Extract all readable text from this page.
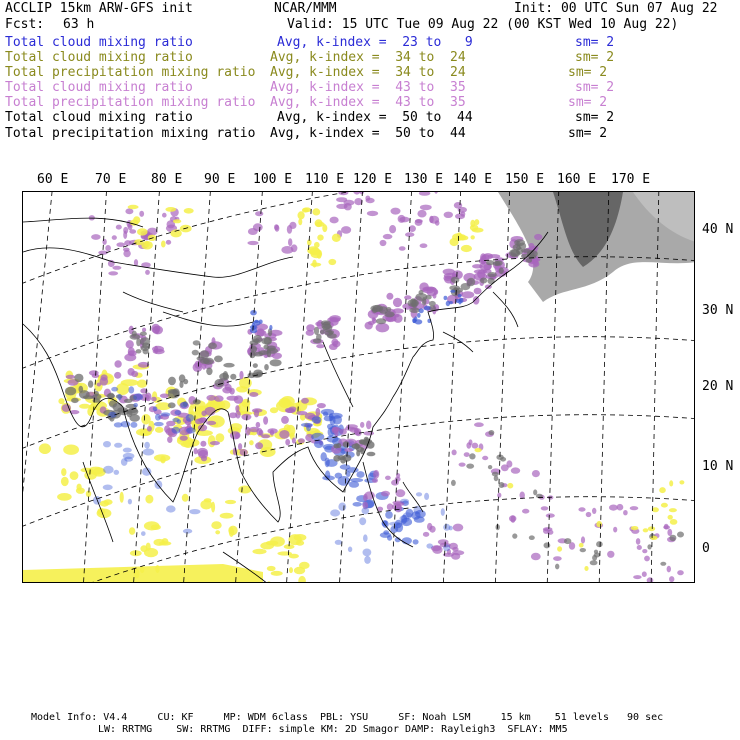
ACCLIP 15km ARW-GFS init	NCAR/MMM	Init: 00 UTC Sun 07 Aug 22
Fcst: 63 h	Valid: 15 UTC Tue 09 Aug 22 (00 KST Wed 10 Aug 22)
Total cloud mixing ratio	Avg, k-index =  23 to   9	sm= 2
Total cloud mixing ratio	Avg, k-index =  34 to  24	sm= 2
Total precipitation mixing ratio Avg, k-index =  34 to  24	sm= 2
Total cloud mixing ratio	Avg, k-index =  43 to  35	sm= 2
Total precipitation mixing ratio Avg, k-index =  43 to  35	sm= 2
Total cloud mixing ratio	Avg, k-index =  50 to  44	sm= 2
Total precipitation mixing ratio Avg, k-index =  50 to  44	sm= 2
60 E 70 E 80 E 90 E 100 E 110 E 120 E 130 E 140 E 150 E 160 E 170 E
40 N
30 N
20 N
10 N
0
Model Info: V4.4     CU: KF     MP: WDM 6class  PBL: YSU     SF: Noah LSM     15 km    51 levels   90 sec
LW: RRTMG    SW: RRTMG  DIFF: simple KM: 2D Smagor DAMP: Rayleigh3  SFLAY: MM5
